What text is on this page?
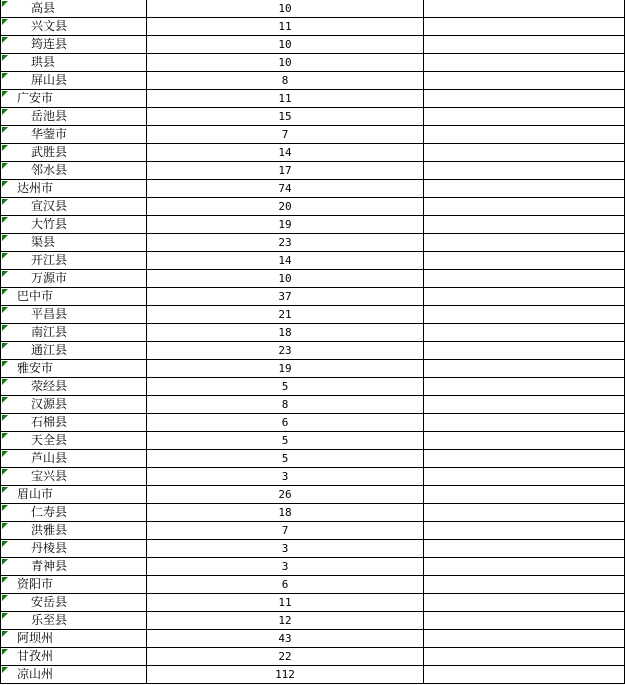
高县	10	

兴文县	11	

筠连县	10	

珙县	10	

屏山县	8	

广安市	11	

岳池县	15	

华蓥市	7	

武胜县	14	

邻水县	17	

达州市	74	

宣汉县	20	

大竹县	19	

渠县	23	

开江县	14	

万源市	10	

巴中市	37	

平昌县	21	

南江县	18	

通江县	23	

雅安市	19	

荥经县	5	

汉源县	8	

石棉县	6	

天全县	5	

芦山县	5	

宝兴县	3	

眉山市	26	

仁寿县	18	

洪雅县	7	

丹棱县	3	

青神县	3	

资阳市	6	

安岳县	11	

乐至县	12	

阿坝州	43	

甘孜州	22	

凉山州	112	
